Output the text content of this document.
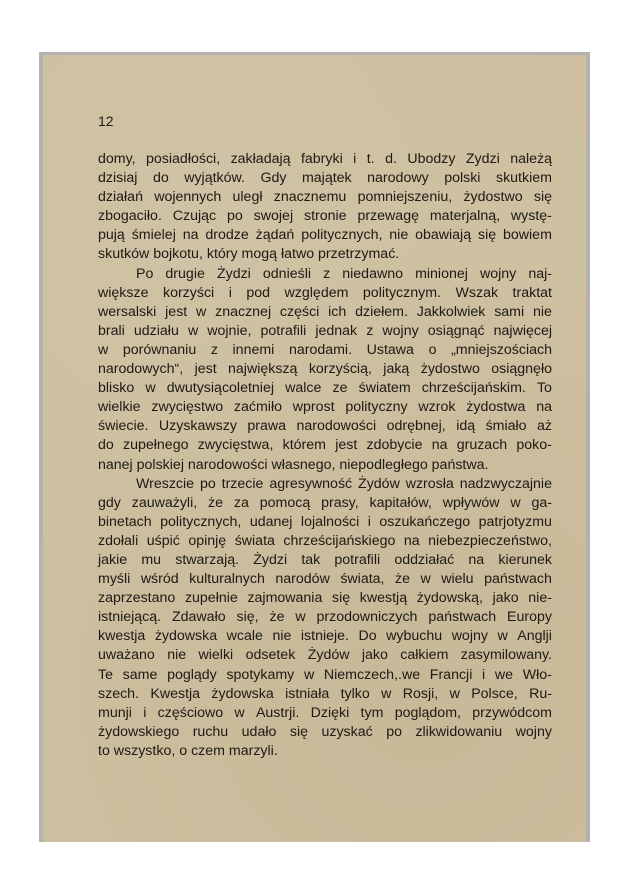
12
domy, posiadłości, zakładają fabryki i t. d. Ubodzy Zydzi należą
dzisiaj do wyjątków. Gdy majątek narodowy polski skutkiem
działań wojennych uległ znacznemu pomniejszeniu, żydostwo się
zbogaciło. Czując po swojej stronie przewagę materjalną, wystę-
pują śmielej na drodze żądań politycznych, nie obawiają się bowiem
skutków bojkotu, który mogą łatwo przetrzymać.
Po drugie Żydzi odnieśli z niedawno minionej wojny naj-
większe korzyści i pod względem politycznym. Wszak traktat
wersalski jest w znacznej części ich dziełem. Jakkolwiek sami nie
brali udziału w wojnie, potrafili jednak z wojny osiągnąć najwięcej
w porównaniu z innemi narodami. Ustawa o „mniejszościach
narodowych“, jest największą korzyścią, jaką żydostwo osiągnęło
blisko w dwutysiącoletniej walce ze światem chrześcijańskim. To
wielkie zwycięstwo zaćmiło wprost polityczny wzrok żydostwa na
świecie. Uzyskawszy prawa narodowości odrębnej, idą śmiało aż
do zupełnego zwycięstwa, którem jest zdobycie na gruzach poko-
nanej polskiej narodowości własnego, niepodległego państwa.
Wreszcie po trzecie agresywność Żydów wzrosła nadzwyczajnie
gdy zauważyli, że za pomocą prasy, kapitałów, wpływów w ga-
binetach politycznych, udanej lojalności i oszukańczego patrjotyzmu
zdołali uśpić opinję świata chrześcijańskiego na niebezpieczeństwo,
jakie mu stwarzają. Żydzi tak potrafili oddziałać na kierunek
myśli wśród kulturalnych narodów świata, że w wielu państwach
zaprzestano zupełnie zajmowania się kwestją żydowską, jako nie-
istniejącą. Zdawało się, że w przodowniczych państwach Europy
kwestja żydowska wcale nie istnieje. Do wybuchu wojny w Anglji
uważano nie wielki odsetek Żydów jako całkiem zasymilowany.
Te same poglądy spotykamy w Niemczech,.we Francji i we Wło-
szech. Kwestja żydowska istniała tylko w Rosji, w Polsce, Ru-
munji i częściowo w Austrji. Dzięki tym poglądom, przywódcom
żydowskiego ruchu udało się uzyskać po zlikwidowaniu wojny
to wszystko, o czem marzyli.
